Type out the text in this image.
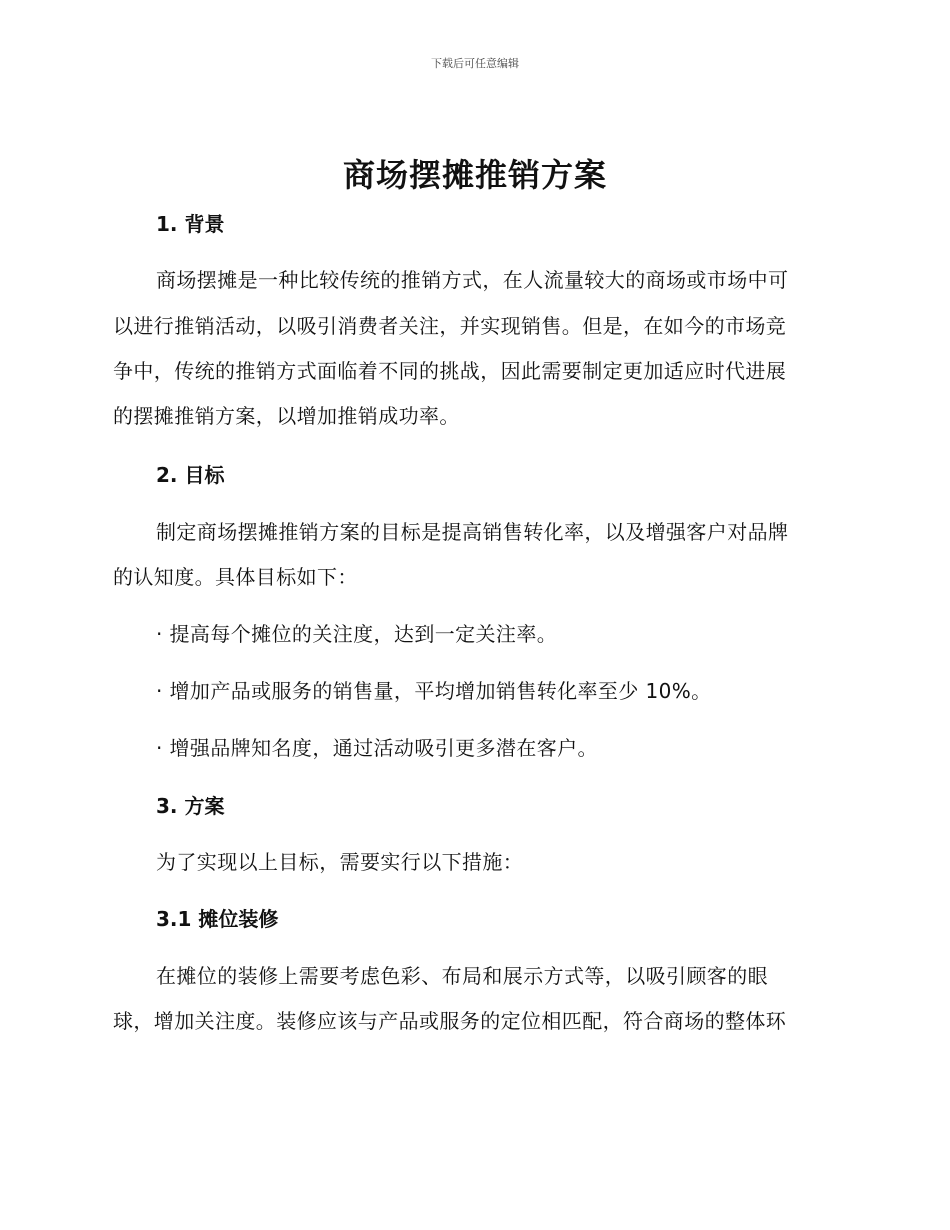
下载后可任意编辑
商场摆摊推销方案
1. 背景
商场摆摊是一种比较传统的推销方式，在人流量较大的商场或市场中可
以进行推销活动，以吸引消费者关注，并实现销售。但是，在如今的市场竞
争中，传统的推销方式面临着不同的挑战，因此需要制定更加适应时代进展
的摆摊推销方案，以增加推销成功率。
2. 目标
制定商场摆摊推销方案的目标是提高销售转化率，以及增强客户对品牌
的认知度。具体目标如下：
· 提高每个摊位的关注度，达到一定关注率。
· 增加产品或服务的销售量，平均增加销售转化率至少 10%。
· 增强品牌知名度，通过活动吸引更多潜在客户。
3. 方案
为了实现以上目标，需要实行以下措施：
3.1 摊位装修
在摊位的装修上需要考虑色彩、布局和展示方式等，以吸引顾客的眼
球，增加关注度。装修应该与产品或服务的定位相匹配，符合商场的整体环
